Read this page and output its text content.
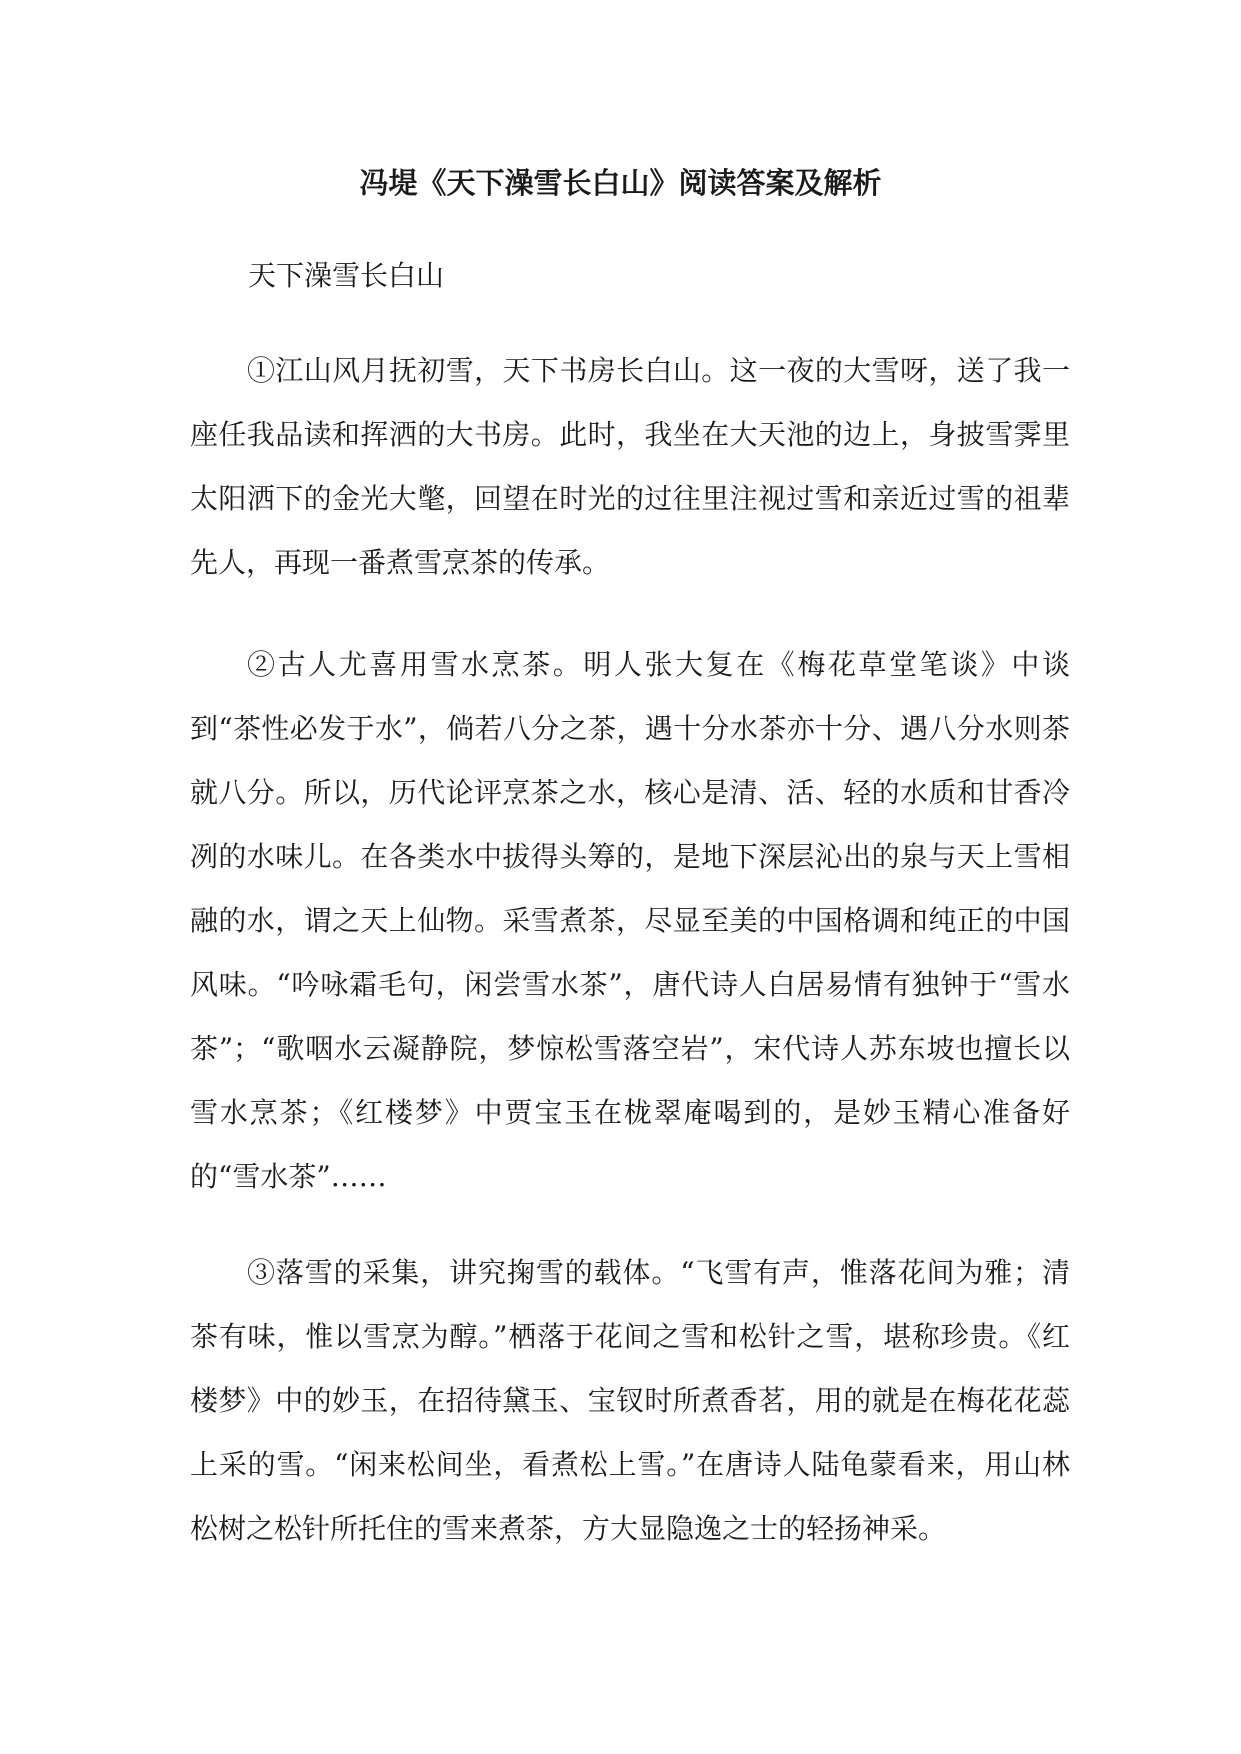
冯堤《天下澡雪长白山》阅读答案及解析

天下澡雪长白山

①江山风月抚初雪，天下书房长白山。这一夜的大雪呀，送了我一座任我品读和挥洒的大书房。此时，我坐在大天池的边上，身披雪霁里太阳洒下的金光大氅，回望在时光的过往里注视过雪和亲近过雪的祖辈先人，再现一番煮雪烹茶的传承。

②古人尤喜用雪水烹茶。明人张大复在《梅花草堂笔谈》中谈到“茶性必发于水”，倘若八分之茶，遇十分水茶亦十分、遇八分水则茶就八分。所以，历代论评烹茶之水，核心是清、活、轻的水质和甘香冷冽的水味儿。在各类水中拔得头筹的，是地下深层沁出的泉与天上雪相融的水，谓之天上仙物。采雪煮茶，尽显至美的中国格调和纯正的中国风味。“吟咏霜毛句，闲尝雪水茶”，唐代诗人白居易情有独钟于“雪水茶”；“歌咽水云凝静院，梦惊松雪落空岩”，宋代诗人苏东坡也擅长以雪水烹茶；《红楼梦》中贾宝玉在栊翠庵喝到的，是妙玉精心准备好的“雪水茶”……

③落雪的采集，讲究掬雪的载体。“飞雪有声，惟落花间为雅；清茶有味，惟以雪烹为醇。”栖落于花间之雪和松针之雪，堪称珍贵。《红楼梦》中的妙玉，在招待黛玉、宝钗时所煮香茗，用的就是在梅花花蕊上采的雪。“闲来松间坐，看煮松上雪。”在唐诗人陆龟蒙看来，用山林松树之松针所托住的雪来煮茶，方大显隐逸之士的轻扬神采。
